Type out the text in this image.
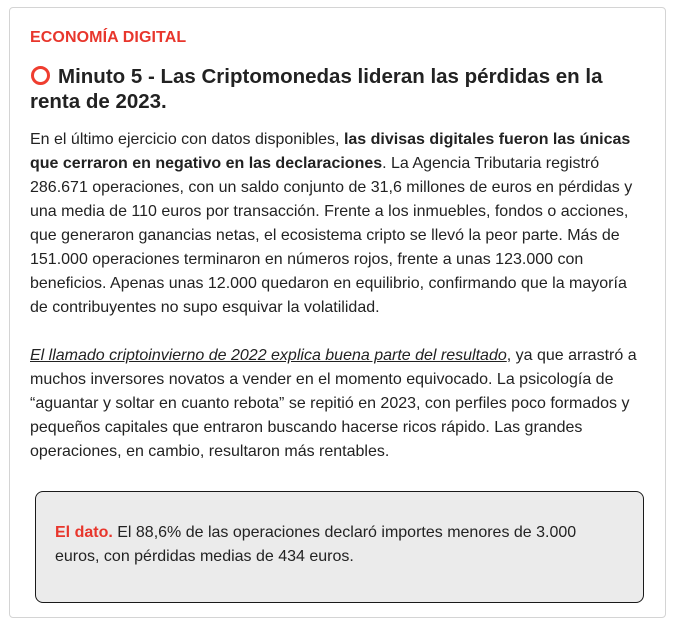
ECONOMÍA DIGITAL
Minuto 5 - Las Criptomonedas lideran las pérdidas en la renta de 2023.

En el último ejercicio con datos disponibles, las divisas digitales fueron las únicas que cerraron en negativo en las declaraciones. La Agencia Tributaria registró 286.671 operaciones, con un saldo conjunto de 31,6 millones de euros en pérdidas y una media de 110 euros por transacción. Frente a los inmuebles, fondos o acciones, que generaron ganancias netas, el ecosistema cripto se llevó la peor parte. Más de 151.000 operaciones terminaron en números rojos, frente a unas 123.000 con beneficios. Apenas unas 12.000 quedaron en equilibrio, confirmando que la mayoría de contribuyentes no supo esquivar la volatilidad.

El llamado criptoinvierno de 2022 explica buena parte del resultado, ya que arrastró a muchos inversores novatos a vender en el momento equivocado. La psicología de “aguantar y soltar en cuanto rebota” se repitió en 2023, con perfiles poco formados y pequeños capitales que entraron buscando hacerse ricos rápido. Las grandes operaciones, en cambio, resultaron más rentables.

El dato. El 88,6% de las operaciones declaró importes menores de 3.000 euros, con pérdidas medias de 434 euros.
